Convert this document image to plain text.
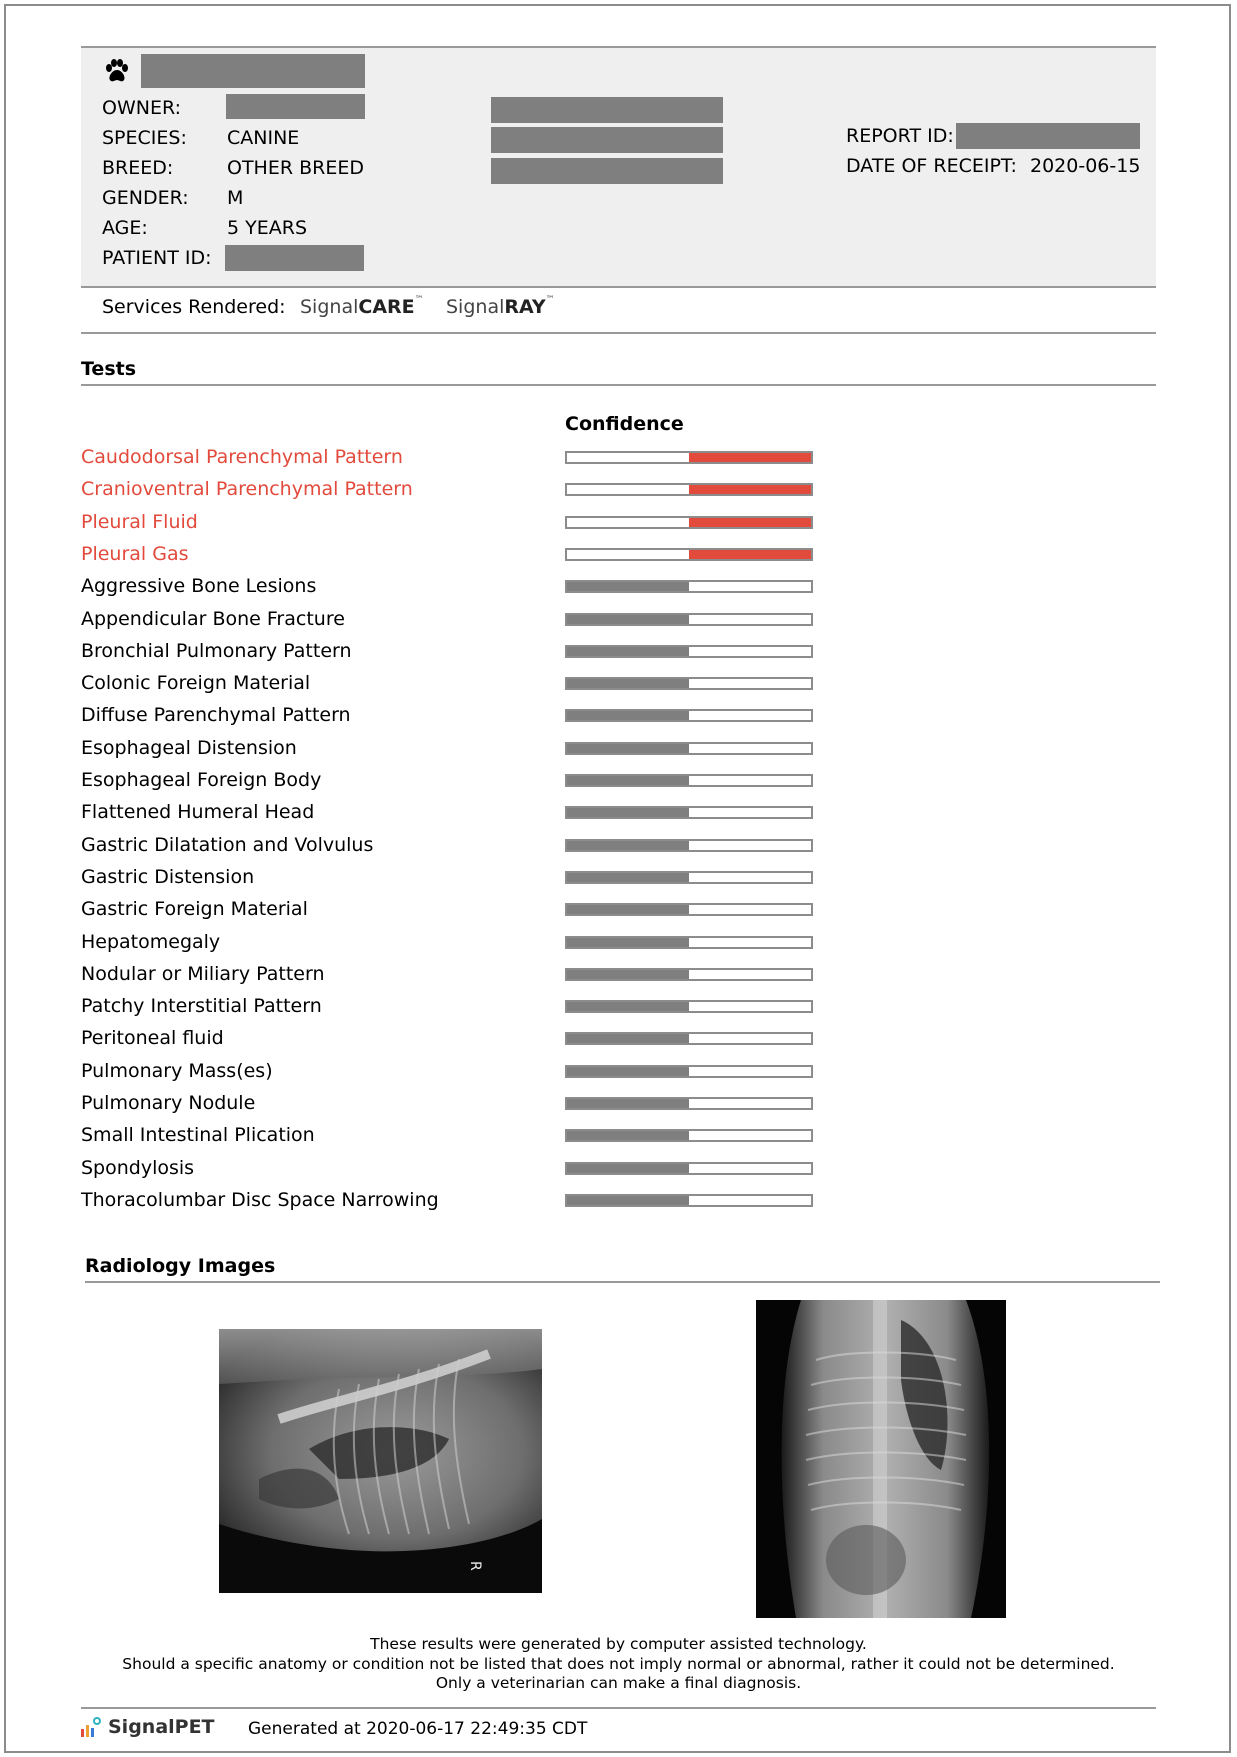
OWNER:
SPECIES: CANINE
BREED:	OTHER BREED
GENDER: M
AGE:	5 YEARS
PATIENT ID:
REPORT ID:
DATE OF RECEIPT: 2020-06-15
Services Rendered: SignalCARE™ SignalRAY™
Tests
Confidence
Caudodorsal Parenchymal Pattern
Cranioventral Parenchymal Pattern
Pleural Fluid
Pleural Gas
Aggressive Bone Lesions
Appendicular Bone Fracture
Bronchial Pulmonary Pattern
Colonic Foreign Material
Diffuse Parenchymal Pattern
Esophageal Distension
Esophageal Foreign Body
Flattened Humeral Head
Gastric Dilatation and Volvulus
Gastric Distension
Gastric Foreign Material
Hepatomegaly
Nodular or Miliary Pattern
Patchy Interstitial Pattern
Peritoneal fluid
Pulmonary Mass(es)
Pulmonary Nodule
Small Intestinal Plication
Spondylosis
Thoracolumbar Disc Space Narrowing
Radiology Images
R
These results were generated by computer assisted technology.
Should a specific anatomy or condition not be listed that does not imply normal or abnormal, rather it could not be determined.
Only a veterinarian can make a final diagnosis.
SignalPET Generated at 2020-06-17 22:49:35 CDT
